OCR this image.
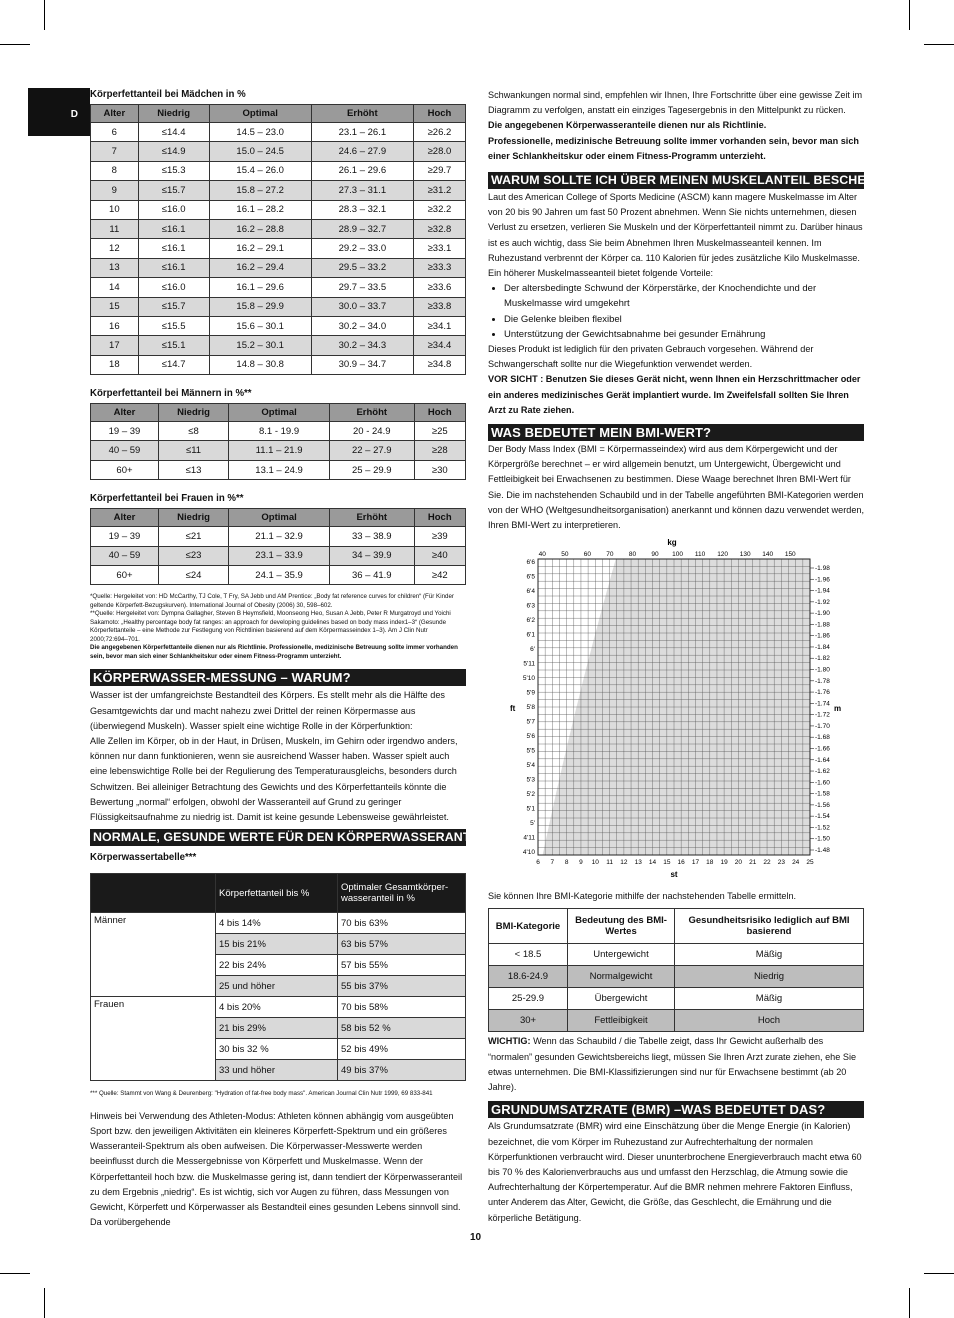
D
Körperfettanteil bei Mädchen in %
Alter	Niedrig	Optimal	Erhöht	Hoch
6	≤14.4	14.5 – 23.0	23.1 – 26.1	≥26.2
7	≤14.9	15.0 – 24.5	24.6 – 27.9	≥28.0
8	≤15.3	15.4 – 26.0	26.1 – 29.6	≥29.7
9	≤15.7	15.8 – 27.2	27.3 – 31.1	≥31.2
10	≤16.0	16.1 – 28.2	28.3 – 32.1	≥32.2
11	≤16.1	16.2 – 28.8	28.9 – 32.7	≥32.8
12	≤16.1	16.2 – 29.1	29.2 – 33.0	≥33.1
13	≤16.1	16.2 – 29.4	29.5 – 33.2	≥33.3
14	≤16.0	16.1 – 29.6	29.7 – 33.5	≥33.6
15	≤15.7	15.8 – 29.9	30.0 – 33.7	≥33.8
16	≤15.5	15.6 – 30.1	30.2 – 34.0	≥34.1
17	≤15.1	15.2 – 30.1	30.2 – 34.3	≥34.4
18	≤14.7	14.8 – 30.8	30.9 – 34.7	≥34.8
Körperfettanteil bei Männern in %**
Alter	Niedrig	Optimal	Erhöht	Hoch
19 – 39	≤8	8.1 - 19.9	20 - 24.9	≥25
40 – 59	≤11	11.1 – 21.9	22 – 27.9	≥28
60+	≤13	13.1 – 24.9	25 – 29.9	≥30
Körperfettanteil bei Frauen in %**
Alter	Niedrig	Optimal	Erhöht	Hoch
19 – 39	≤21	21.1 – 32.9	33 – 38.9	≥39
40 – 59	≤23	23.1 – 33.9	34 – 39.9	≥40
60+	≤24	24.1 – 35.9	36 – 41.9	≥42
*Quelle: Hergeleitet von: HD McCarthy, TJ Cole, T Fry, SA Jebb und AM Prentice: „Body fat reference curves for children“ (Für Kinder geltende Körperfett-Bezugskurven). International Journal of Obesity (2006) 30, 598–602.
**Quelle: Hergeleitet von: Dympna Gallagher, Steven B Heymsfield, Moonseong Heo, Susan A Jebb, Peter R Murgatroyd und Yoichi Sakamoto: „Healthy percentage body fat ranges: an approach for developing guidelines based on body mass index1–3“ (Gesunde Körperfettanteile – eine Methode zur Festlegung von Richtlinien basierend auf dem Körpermasseindex 1–3). Am J Clin Nutr 2000;72:694–701.
Die angegebenen Körperfettanteile dienen nur als Richtlinie. Professionelle, medizinische Betreuung sollte immer vorhanden sein, bevor man sich einer Schlankheitskur oder einem Fitness-Programm unterzieht.
KÖRPERWASSER-MESSUNG – WARUM?
Wasser ist der umfangreichste Bestandteil des Körpers. Es stellt mehr als die Hälfte des Gesamtgewichts dar und macht nahezu zwei Drittel der reinen Körpermasse aus (überwiegend Muskeln). Wasser spielt eine wichtige Rolle in der Körperfunktion:
Alle Zellen im Körper, ob in der Haut, in Drüsen, Muskeln, im Gehirn oder irgendwo anders, können nur dann funktionieren, wenn sie ausreichend Wasser haben. Wasser spielt auch eine lebenswichtige Rolle bei der Regulierung des Temperaturausgleichs, besonders durch Schwitzen. Bei alleiniger Betrachtung des Gewichts und des Körperfettanteils könnte die Bewertung „normal“ erfolgen, obwohl der Wasseranteil auf Grund zu geringer Flüssigkeitsaufnahme zu niedrig ist. Damit ist keine gesunde Lebensweise gewährleistet.
NORMALE, GESUNDE WERTE FÜR DEN KÖRPERWASSERANTEIL
Körperwassertabelle***
	Körperfettanteil bis %	Optimaler Gesamtkörper-wasseranteil in %
Männer	4 bis 14%	70 bis 63%
	15 bis 21%	63 bis 57%
	22 bis 24%	57 bis 55%
	25 und höher	55 bis 37%
Frauen	4 bis 20%	70 bis 58%
	21 bis 29%	58 bis 52 %
	30 bis 32 %	52 bis 49%
	33 und höher	49 bis 37%
*** Quelle: Stammt von Wang & Deurenberg: "Hydration of fat-free body mass". American Journal Clin Nutr 1999, 69 833-841
Hinweis bei Verwendung des Athleten-Modus: Athleten können abhängig vom ausgeübten Sport bzw. den jeweiligen Aktivitäten ein kleineres Körperfett-Spektrum und ein größeres Wasseranteil-Spektrum als oben aufweisen. Die Körperwasser-Messwerte werden beeinflusst durch die Messergebnisse von Körperfett und Muskelmasse. Wenn der Körperfettanteil hoch bzw. die Muskelmasse gering ist, dann tendiert der Körperwasseranteil zu dem Ergebnis „niedrig“. Es ist wichtig, sich vor Augen zu führen, dass Messungen von Gewicht, Körperfett und Körperwasser als Bestandteil eines gesunden Lebens sinnvoll sind. Da vorübergehende
Schwankungen normal sind, empfehlen wir Ihnen, Ihre Fortschritte über eine gewisse Zeit im Diagramm zu verfolgen, anstatt ein einziges Tagesergebnis in den Mittelpunkt zu rücken.
Die angegebenen Körperwasseranteile dienen nur als Richtlinie.
Professionelle, medizinische Betreuung sollte immer vorhanden sein, bevor man sich einer Schlankheitskur oder einem Fitness-Programm unterzieht.
WARUM SOLLTE ICH ÜBER MEINEN MUSKELANTEIL BESCHEID WISSEN?
Laut des American College of Sports Medicine (ASCM) kann magere Muskelmasse im Alter von 20 bis 90 Jahren um fast 50 Prozent abnehmen. Wenn Sie nichts unternehmen, diesen Verlust zu ersetzen, verlieren Sie Muskeln und der Körperfettanteil nimmt zu. Darüber hinaus ist es auch wichtig, dass Sie beim Abnehmen Ihren Muskelmasseanteil kennen. Im Ruhezustand verbrennt der Körper ca. 110 Kalorien für jedes zusätzliche Kilo Muskelmasse. Ein höherer Muskelmasseanteil bietet folgende Vorteile:
• Der altersbedingte Schwund der Körperstärke, der Knochendichte und der Muskelmasse wird umgekehrt
• Die Gelenke bleiben flexibel
• Unterstützung der Gewichtsabnahme bei gesunder Ernährung
Dieses Produkt ist lediglich für den privaten Gebrauch vorgesehen. Während der Schwangerschaft sollte nur die Wiegefunktion verwendet werden.
VOR SICHT : Benutzen Sie dieses Gerät nicht, wenn Ihnen ein Herzschrittmacher oder ein anderes medizinisches Gerät implantiert wurde. Im Zweifelsfall sollten Sie Ihren Arzt zu Rate ziehen.
WAS BEDEUTET MEIN BMI-WERT?
Der Body Mass Index (BMI = Körpermasseindex) wird aus dem Körpergewicht und der Körpergröße berechnet – er wird allgemein benutzt, um Untergewicht, Übergewicht und Fettleibigkeit bei Erwachsenen zu bestimmen. Diese Waage berechnet Ihren BMI-Wert für Sie. Die im nachstehenden Schaubild und in der Tabelle angeführten BMI-Kategorien werden von der WHO (Weltgesundheitsorganisation) anerkannt und können dazu verwendet werden, Ihren BMI-Wert zu interpretieren.
6 7 8 9 10 11 12 13 14 15 16 17 18 19 20 21 22 23 24 25
40 50 60 70 80 90 100 110 120 130 140 150
6'6
6'5
6'4
6'3
6'2
6'1
6'
5'11
5'10
5'9
5'8
5'7
5'6
5'5
5'4
5'3
5'2
5'1
5'
4'11
4'10
-1.98
-1.96
-1.94
-1.92
-1.90
-1.88
-1.86
-1.84
-1.82
-1.80
-1.78
-1.76
-1.74
-1.72
-1.70
-1.68
-1.66
-1.64
-1.62
-1.60
-1.58
-1.56
-1.54
-1.52
-1.50
-1.48
kg
st
ft	m
Sie können Ihre BMI-Kategorie mithilfe der nachstehenden Tabelle ermitteln.
BMI-Kategorie	Bedeutung des BMI-Wertes	Gesundheitsrisiko lediglich auf BMI basierend
< 18.5	Untergewicht	Mäßig
18.6-24.9	Normalgewicht	Niedrig
25-29.9	Übergewicht	Mäßig
30+	Fettleibigkeit	Hoch
WICHTIG: Wenn das Schaubild / die Tabelle zeigt, dass Ihr Gewicht außerhalb des “normalen” gesunden Gewichtsbereichs liegt, müssen Sie Ihren Arzt zurate ziehen, ehe Sie etwas unternehmen. Die BMI-Klassifizierungen sind nur für Erwachsene bestimmt (ab 20 Jahre).
GRUNDUMSATZRATE (BMR) –WAS BEDEUTET DAS?
Als Grundumsatzrate (BMR) wird eine Einschätzung über die Menge Energie (in Kalorien) bezeichnet, die vom Körper im Ruhezustand zur Aufrechterhaltung der normalen Körperfunktionen verbraucht wird. Dieser ununterbrochene Energieverbrauch macht etwa 60 bis 70 % des Kalorienverbrauchs aus und umfasst den Herzschlag, die Atmung sowie die Aufrechterhaltung der Körpertemperatur. Auf die BMR nehmen mehrere Faktoren Einfluss, unter Anderem das Alter, Gewicht, die Größe, das Geschlecht, die Ernährung und die körperliche Betätigung.
10
